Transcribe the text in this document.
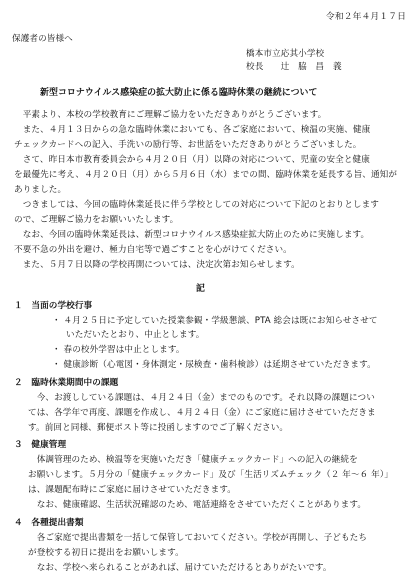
令和２年４月１７日
保護者の皆様へ
橋本市立応其小学校
校長　　辻　脇　昌　義
新型コロナウイルス感染症の拡大防止に係る臨時休業の継続について
　平素より、本校の学校教育にご理解ご協力をいただきありがとうございます。
　また、４月１３日からの急な臨時休業においても、各ご家庭において、検温の実施、健康
チェックカードへの記入、手洗いの励行等、お世話をいただきありがとうございました。
　さて、昨日本市教育委員会から４月２０日（月）以降の対応について、児童の安全と健康
を最優先に考え、４月２０日（月）から５月６日（水）までの間、臨時休業を延長する旨、通知が
ありました。
　つきましては、今回の臨時休業延長に伴う学校としての対応について下記のとおりとします
ので、ご理解ご協力をお願いいたします。
　なお、今回の臨時休業延長は、新型コロナウイルス感染症拡大防止のために実施します。
不要不急の外出を避け、極力自宅等で過ごすことを心がけてください。
　また、５月７日以降の学校再開については、決定次第お知らせします。
記
１　当面の学校行事
・ ４月２５日に予定していた授業参観・学級懇談、PTA 総会は既にお知らせさせて
いただいたとおり、中止とします。
・ 春の校外学習は中止とします。
・ 健康診断（心電図・身体測定・尿検査・歯科検診）は延期させていただきます。
２　臨時休業期間中の課題
　今、お渡ししている課題は、４月２４日（金）までのものです。それ以降の課題につい
ては、各学年で再度、課題を作成し、４月２４日（金）にご家庭に届けさせていただきま
す。前回と同様、郵便ポスト等に投函しますのでご了解ください。
３　健康管理
　体調管理のため、検温等を実施いただき「健康チェックカード」への記入の継続を
お願いします。５月分の「健康チェックカード」及び「生活リズムチェック（２ 年～６ 年）」
は、課題配布時にご家庭に届けさせていただきます。
　なお、健康確認、生活状況確認のため、電話連絡をさせていただくことがあります。
４　各種提出書類
　各ご家庭で提出書類を一括して保管しておいてください。学校が再開し、子どもたち
が登校する初日に提出をお願いします。
　なお、学校へ来られることがあれば、届けていただけるとありがたいです。
